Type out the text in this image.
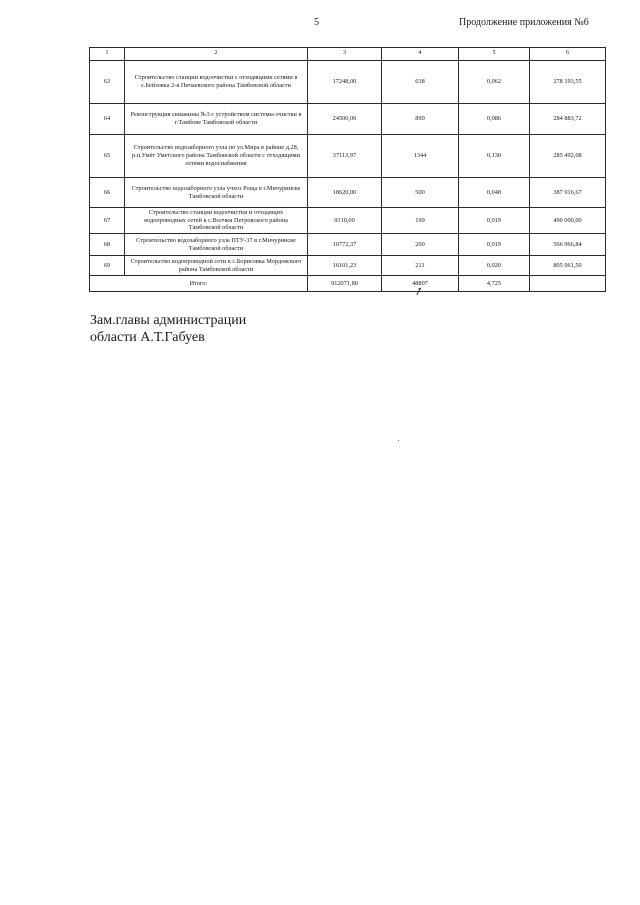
5	Продолжение приложения №6
1	2	3	4	5	6
63	Строительство станции водоочистки с отходящими сетями в с.Бейзовка 2-я Пичаевского района Тамбовской области	17248,00	638	0,062	278 193,55
64	Реконструкция скважины №3 с устройством системы очистки в г.Тамбове Тамбовской области	24500,00	890	0,086	284 883,72
65	Строительство водозаборного узла по ул.Мира в районе д.28, р.п.Умёт Уметского района Тамбовской области с отходящими сетями водоснабжения	37113,97	1344	0,130	285 492,08
66	Строительство водозаборного узла учхоз Роща в г.Мичуринске Тамбовской области	18620,00	500	0,048	387 916,67
67	Строительство станции водоочистки и отходящих водопроводных сетей в с.Волчки Петровского района Тамбовской области	9310,00	199	0,019	490 000,00
68	Строительство водозаборного узла ПТУ-37 в г.Мичуринске Тамбовской области	10772,37	200	0,019	566 966,84
69	Строительство водопроводной сети в с.Борисовка Мордовского района Тамбовской области	16101,23	211	0,020	805 061,50
Итого:		912071,80	48807	4,725	
↗
Зам.главы администрации
области А.Т.Габуев
